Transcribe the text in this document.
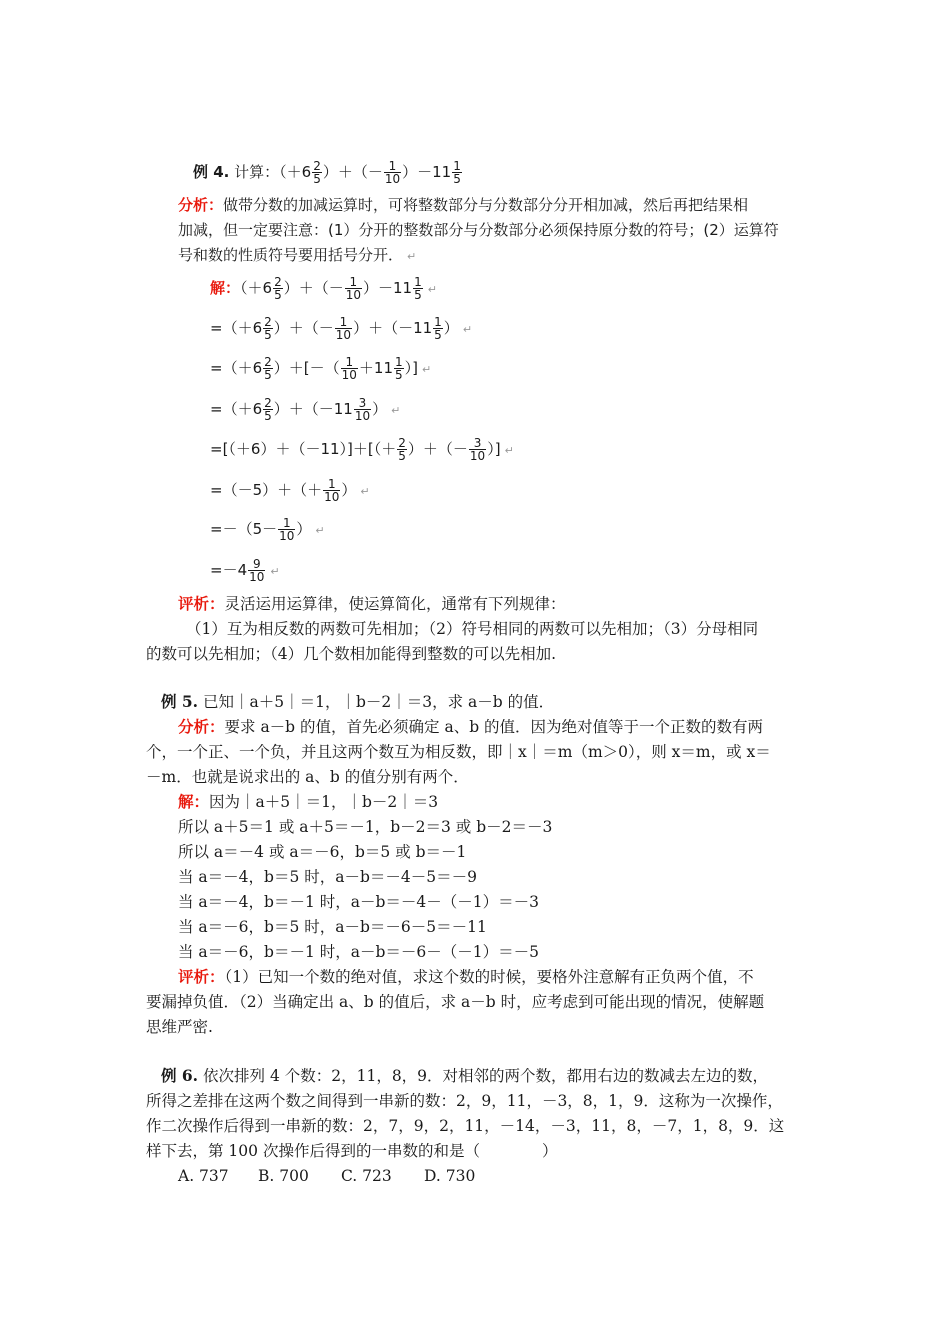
例 4. 计算：（$+6 \frac{2}{5}$ ）＋（－ $\frac{1}{10} )-11 \frac{1}{5}$
分析：做带分数的加减运算时，可将整数部分与分数部分分开相加减，然后再把结果相
加减，但一定要注意：(1）分开的整数部分与分数部分必须保持原分数的符号；(2）运算符
号和数的性质符号要用括号分开． ↵
解：（$+6 \frac{2}{5}$ ）＋（－ $\frac{1}{10} )-11 \frac{1}{5}$ ↵
$=(+6 \frac{2}{5}$ ）＋（－ $\frac{1}{10} )+(-11 \frac{1}{5}$ ） ↵
$=(+6 \frac{2}{5}$ ）＋[－（ $\frac{1}{10} +11 \frac{1}{5}$ ）] ↵
$=(+6 \frac{2}{5} )+(-11 \frac{3}{10}$ ） ↵
$=[(+6)+(-11)]+[(+ \frac{2}{5}$ ）＋（－ $\frac{3}{10}$ ）] ↵
$=(-5)+(+ \frac{1}{10}$ ） ↵
$=-(5- \frac{1}{10}$ ） ↵
$=-4 \frac{9}{10}$ ↵
评析：灵活运用运算律，使运算简化，通常有下列规律：
（1）互为相反数的两数可先相加；（2）符号相同的两数可以先相加；（3）分母相同
的数可以先相加；（4）几个数相加能得到整数的可以先相加.
例 5. 已知｜a＋5｜＝1，｜b－2｜＝3，求 a－b 的值．
分析：要求 a－b 的值，首先必须确定 a、b 的值．因为绝对值等于一个正数的数有两
个，一个正、一个负，并且这两个数互为相反数，即｜x｜＝m（m＞0），则 x＝m，或 x＝
－m．也就是说求出的 a、b 的值分别有两个．
解：因为｜a＋5｜＝1，｜b－2｜＝3
所以 a＋5＝1 或 a＋5＝－1，b－2＝3 或 b－2＝－3
所以 a＝－4 或 a＝－6，b＝5 或 b＝－1
当 a＝－4，b＝5 时，a－b＝－4－5＝－9
当 a＝－4，b＝－1 时，a－b＝－4－（－1）＝－3
当 a＝－6，b＝5 时，a－b＝－6－5＝－11
当 a＝－6，b＝－1 时，a－b＝－6－（－1）＝－5
评析：（1）已知一个数的绝对值，求这个数的时候，要格外注意解有正负两个值，不
要漏掉负值．（2）当确定出 a、b 的值后，求 a－b 时，应考虑到可能出现的情况，使解题
思维严密.
例 6. 依次排列 4 个数：2，11，8，9．对相邻的两个数，都用右边的数减去左边的数，
所得之差排在这两个数之间得到一串新的数：2，9，11，－3，8，1，9．这称为一次操作，
作二次操作后得到一串新的数：2，7，9，2，11，－14，－3，11，8，－7，1，8，9．这
样下去，第 100 次操作后得到的一串数的和是（　　　　）
A. 737 B. 700 C. 723 D. 730
